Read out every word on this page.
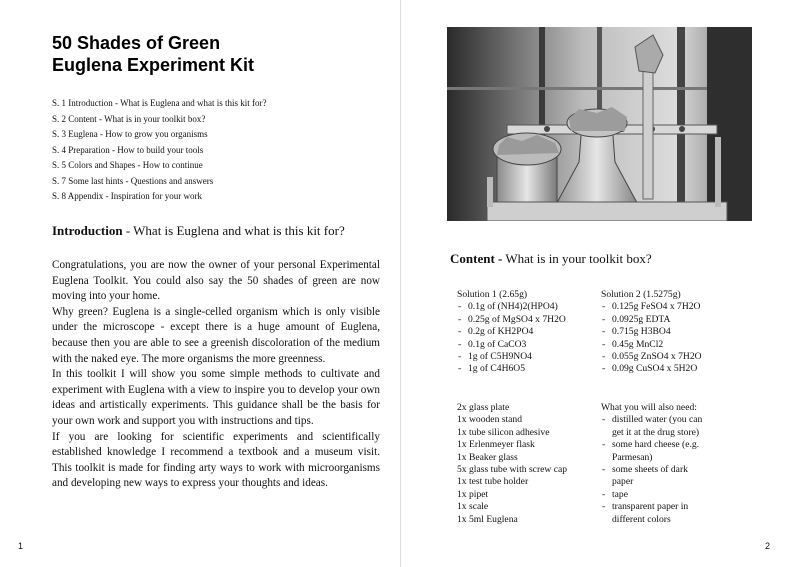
50 Shades of Green
Euglena Experiment Kit
S. 1 Introduction - What is Euglena and what is this kit for?
S. 2 Content - What is in your toolkit box?
S. 3 Euglena - How to grow you organisms
S. 4 Preparation - How to build your tools
S. 5 Colors and Shapes - How to continue
S. 7 Some last hints - Questions and answers
S. 8 Appendix - Inspiration for your work
Introduction - What is Euglena and what is this kit for?

Congratulations, you are now the owner of your personal Experimental Euglena Toolkit. You could also say the 50 shades of green are now moving into your home.

Why green? Euglena is a single-celled organism which is only visible under the microscope - except there is a huge amount of Euglena, because then you are able to see a greenish discoloration of the medium with the naked eye. The more organisms the more greenness.

In this toolkit I will show you some simple methods to cultivate and experiment with Euglena with a view to inspire you to develop your own ideas and artistically experiments. This guidance shall be the basis for your own work and support you with instructions and tips.

If you are looking for scientific experiments and scientifically established knowledge I recommend a textbook and a museum visit. This toolkit is made for finding arty ways to work with microorganisms and developing new ways to express your thoughts and ideas.

1
Content - What is in your toolkit box?
Solution 1 (2.65g)
- 0.1g of (NH4)2(HPO4)
- 0.25g of MgSO4 x 7H2O
- 0.2g of KH2PO4
- 0.1g of CaCO3
- 1g of C5H9NO4
- 1g of C4H6O5
Solution 2 (1.5275g)
- 0.125g FeSO4 x 7H2O
- 0.0925g EDTA
- 0.715g H3BO4
- 0.45g MnCl2
- 0.055g ZnSO4 x 7H2O
- 0.09g CuSO4 x 5H2O
2x glass plate
1x wooden stand
1x tube silicon adhesive
1x Erlenmeyer flask
1x Beaker glass
5x glass tube with screw cap
1x test tube holder
1x pipet
1x scale
1x 5ml Euglena
What you will also need:
- distilled water (you can get it at the drug store)
- some hard cheese (e.g. Parmesan)
- some sheets of dark paper
- tape
- transparent paper in different colors
2
